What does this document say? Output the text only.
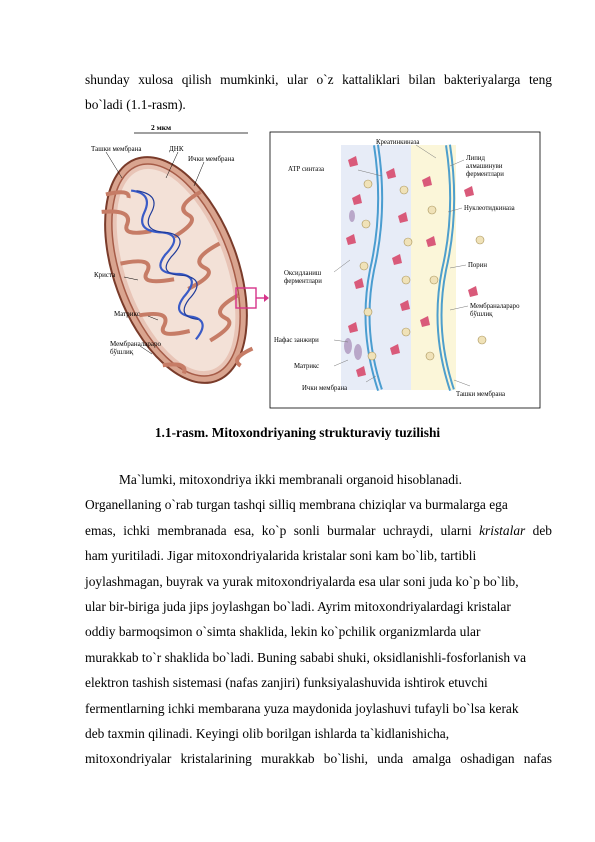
shunday xulosa qilish mumkinki, ular o`z kattaliklari bilan bakteriyalarga teng
bo`ladi (1.1-rasm).
2 мкм
Ташки мембрана	ДНК
Ички мембрана
Криста
Матрикс
Мембраналараро
бўшлиқ
Креатинкиназа
АТР синтаза
Липид
алмашинуви
ферментлари
Нуклеотидкиназа
Порин
Оксидланиш
ферментлари
Мембраналараро
бўшлиқ
Нафас занжири
Матрикс
Ички мембрана
Ташки мембрана
1.1-rasm. Mitoxondriyaning strukturaviy tuzilishi
Ma`lumki, mitoxondriya ikki membranali organoid hisoblanadi.
Organellaning o`rab turgan tashqi silliq membrana chiziqlar va burmalarga ega
emas, ichki membranada esa, ko`p sonli burmalar uchraydi, ularni kristalar deb
ham yuritiladi. Jigar mitoxondriyalarida kristalar soni kam bo`lib, tartibli
joylashmagan, buyrak va yurak mitoxondriyalarda esa ular soni juda ko`p bo`lib,
ular bir-biriga juda jips joylashgan bo`ladi. Ayrim mitoxondriyalardagi kristalar
oddiy barmoqsimon o`simta shaklida, lekin ko`pchilik organizmlarda ular
murakkab to`r shaklida bo`ladi. Buning sababi shuki, oksidlanishli-fosforlanish va
elektron tashish sistemasi (nafas zanjiri) funksiyalashuvida ishtirok etuvchi
fermentlarning ichki membarana yuza maydonida joylashuvi tufayli bo`lsa kerak
deb taxmin qilinadi. Keyingi olib borilgan ishlarda ta`kidlanishicha,
mitoxondriyalar kristalarining murakkab bo`lishi, unda amalga oshadigan nafas
